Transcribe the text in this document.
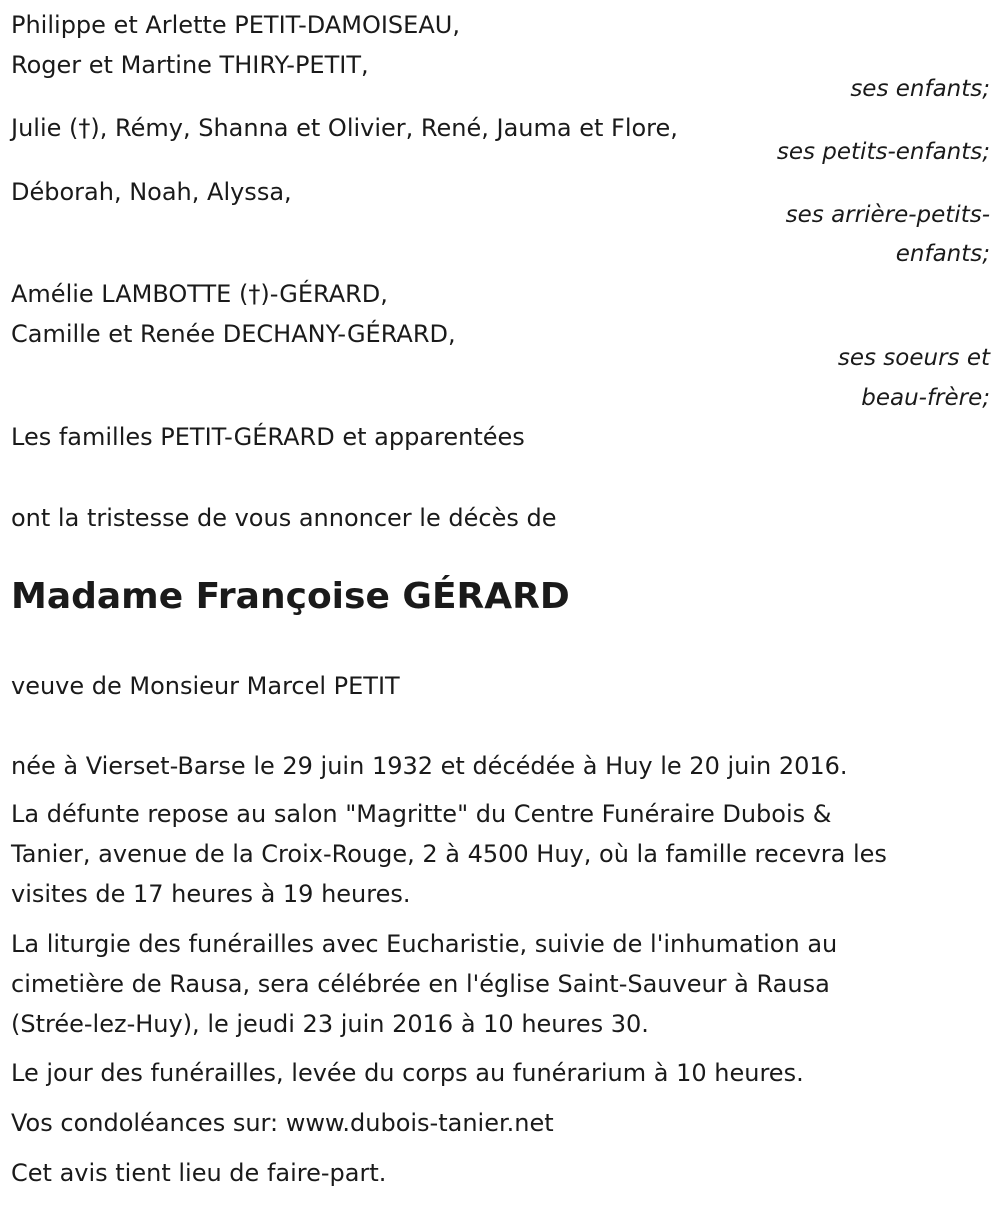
Philippe et Arlette PETIT-DAMOISEAU,

Roger et Martine THIRY-PETIT,

ses enfants;

Julie (†), Rémy, Shanna et Olivier, René, Jauma et Flore,

ses petits-enfants;

Déborah, Noah, Alyssa,

ses arrière-petits-

enfants;

Amélie LAMBOTTE (†)-GÉRARD,

Camille et Renée DECHANY-GÉRARD,

ses soeurs et

beau-frère;

Les familles PETIT-GÉRARD et apparentées

ont la tristesse de vous annoncer le décès de

Madame Françoise GÉRARD

veuve de Monsieur Marcel PETIT

née à Vierset-Barse le 29 juin 1932 et décédée à Huy le 20 juin 2016.

La défunte repose au salon "Magritte" du Centre Funéraire Dubois &

Tanier, avenue de la Croix-Rouge, 2 à 4500 Huy, où la famille recevra les

visites de 17 heures à 19 heures.

La liturgie des funérailles avec Eucharistie, suivie de l'inhumation au

cimetière de Rausa, sera célébrée en l'église Saint-Sauveur à Rausa

(Strée-lez-Huy), le jeudi 23 juin 2016 à 10 heures 30.

Le jour des funérailles, levée du corps au funérarium à 10 heures.

Vos condoléances sur: www.dubois-tanier.net

Cet avis tient lieu de faire-part.
